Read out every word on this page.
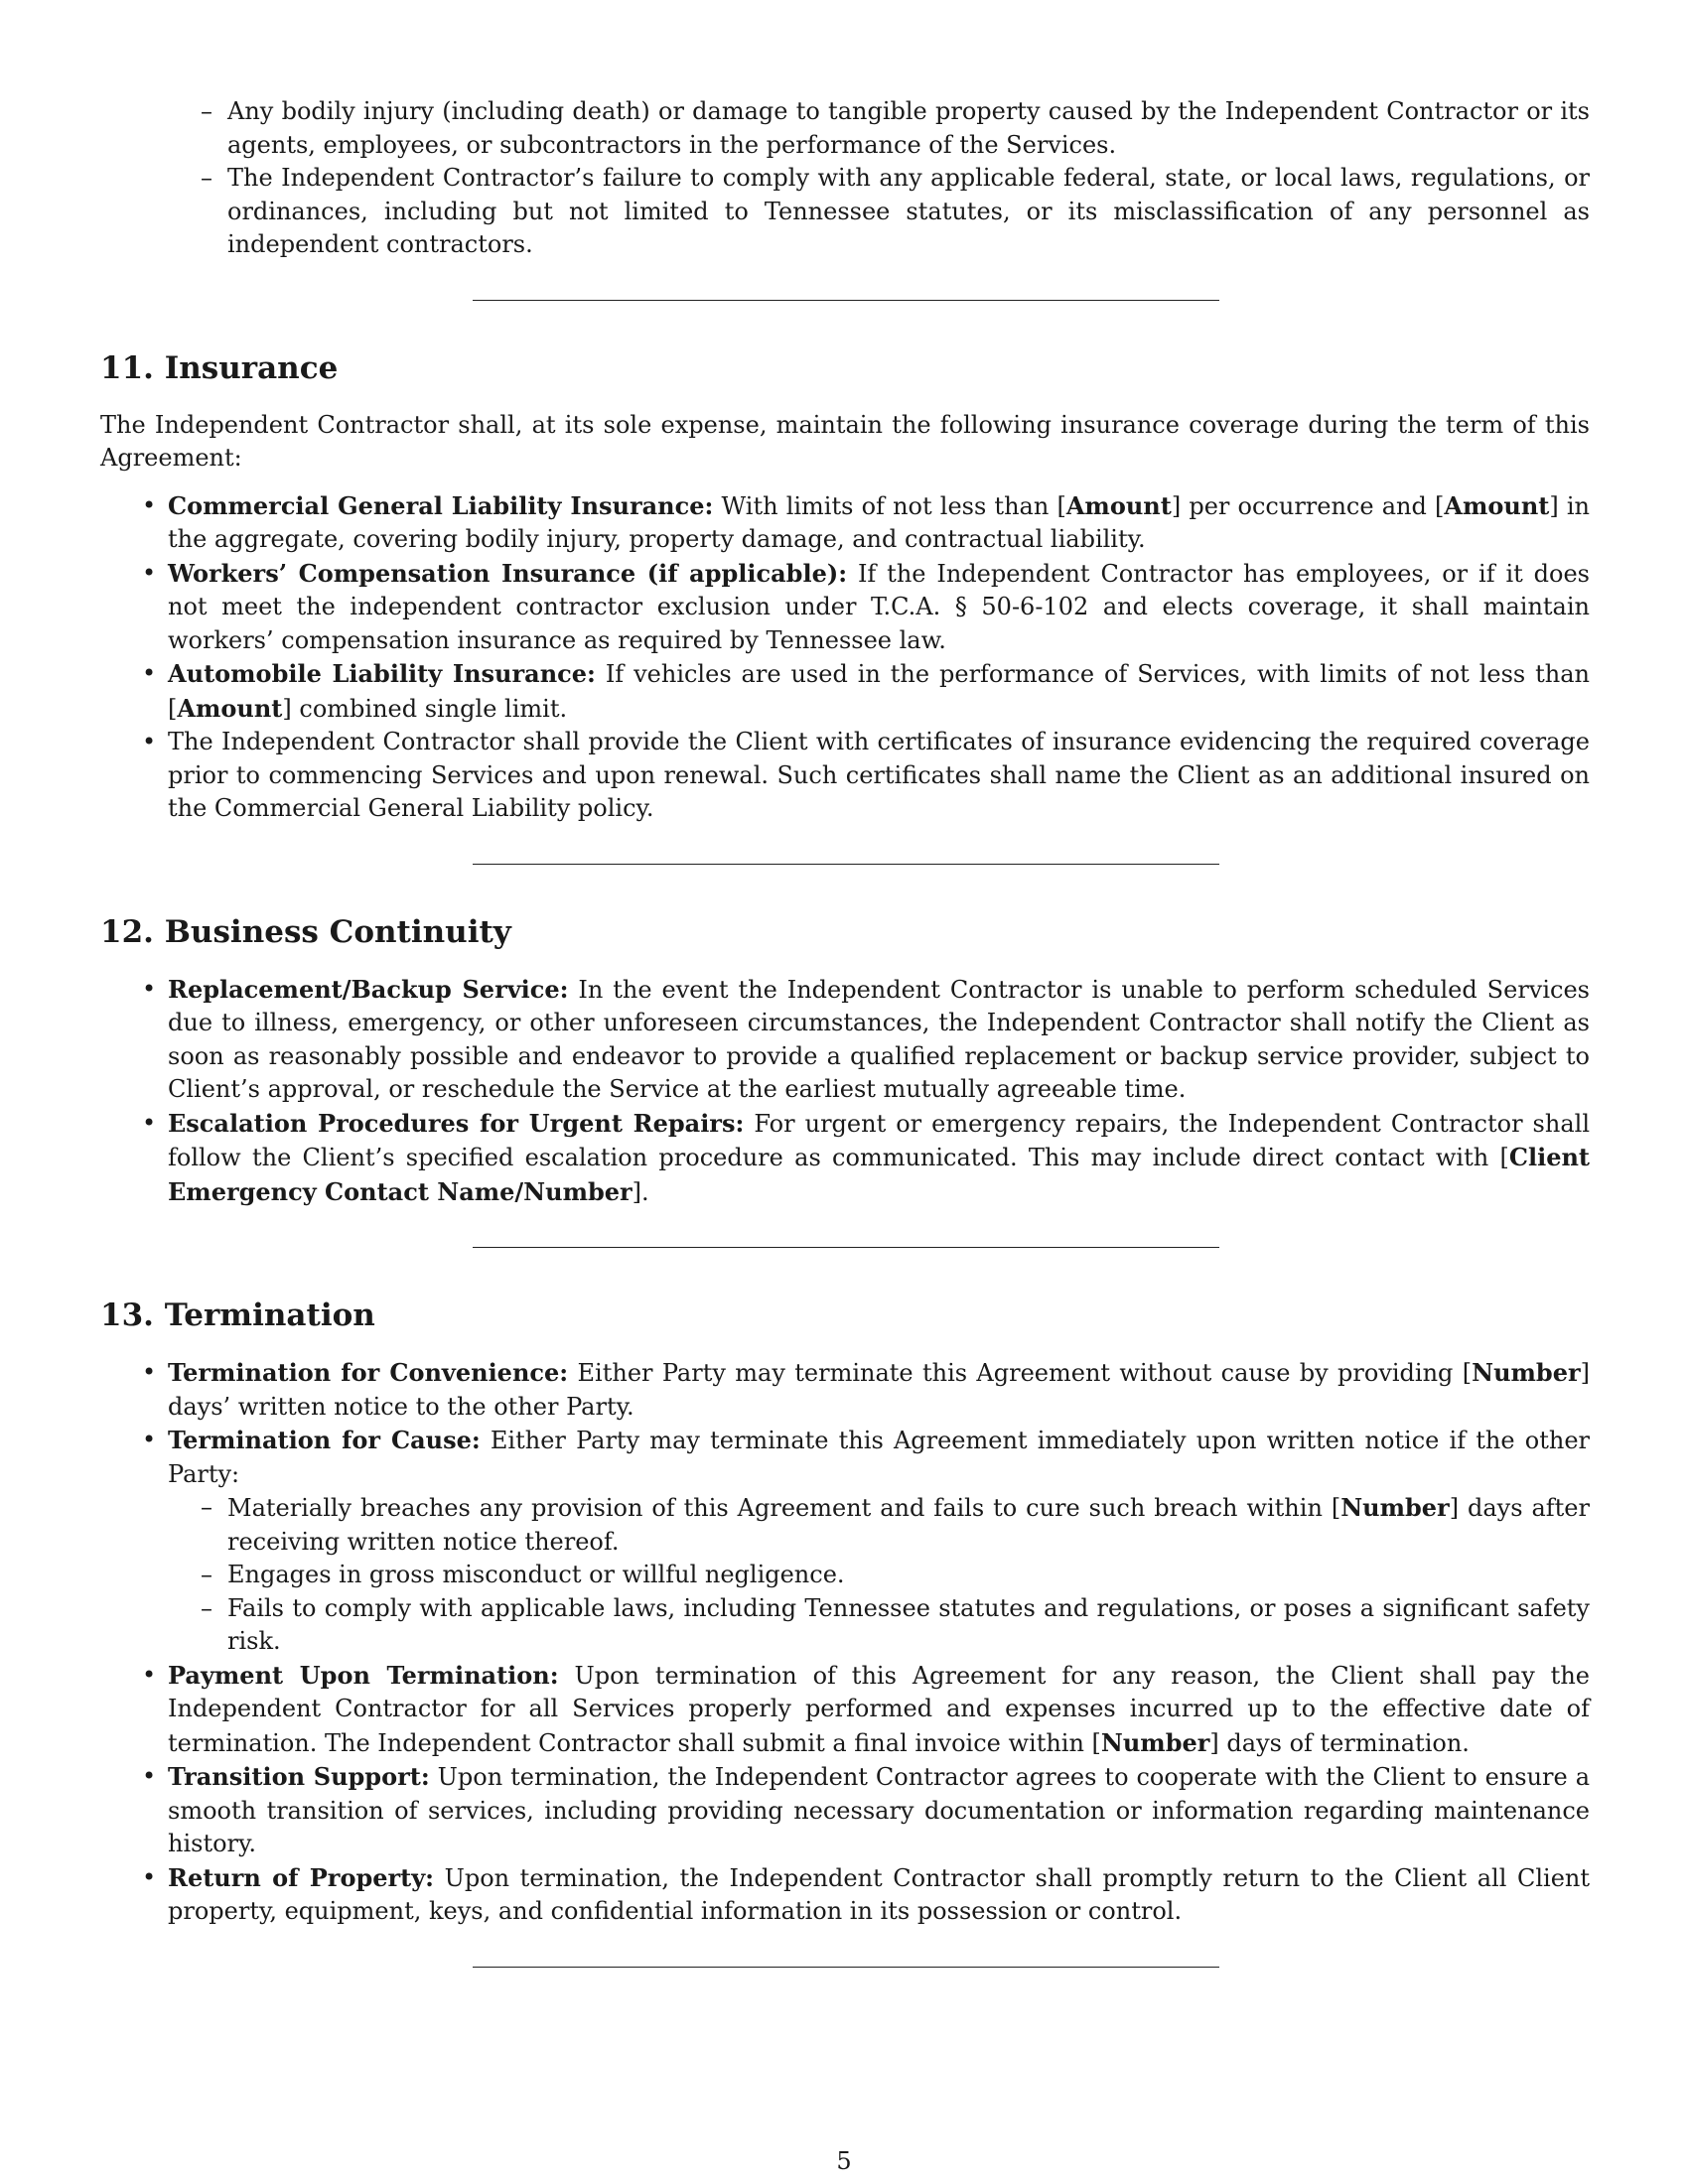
– Any bodily injury (including death) or damage to tangible property caused by the Independent Contractor or its agents, employees, or subcontractors in the performance of the Services.
– The Independent Contractor’s failure to comply with any applicable federal, state, or local laws, regulations, or ordinances, including but not limited to Tennessee statutes, or its misclassification of any personnel as independent contractors.
11. Insurance

The Independent Contractor shall, at its sole expense, maintain the following insurance coverage during the term of this Agreement:

• Commercial General Liability Insurance: With limits of not less than [Amount] per occurrence and [Amount] in the aggregate, covering bodily injury, property damage, and contractual liability.
• Workers’ Compensation Insurance (if applicable): If the Independent Contractor has employees, or if it does not meet the independent contractor exclusion under T.C.A. § 50-6-102 and elects coverage, it shall maintain workers’ compensation insurance as required by Tennessee law.
• Automobile Liability Insurance: If vehicles are used in the performance of Services, with limits of not less than [Amount] combined single limit.
• The Independent Contractor shall provide the Client with certificates of insurance evidencing the required coverage prior to commencing Services and upon renewal. Such certificates shall name the Client as an additional insured on the Commercial General Liability policy.
12. Business Continuity
• Replacement/Backup Service: In the event the Independent Contractor is unable to perform scheduled Services due to illness, emergency, or other unforeseen circumstances, the Independent Contractor shall notify the Client as soon as reasonably possible and endeavor to provide a qualified replacement or backup service provider, subject to Client’s approval, or reschedule the Service at the earliest mutually agreeable time.
• Escalation Procedures for Urgent Repairs: For urgent or emergency repairs, the Independent Contractor shall follow the Client’s specified escalation procedure as communicated. This may include direct contact with [Client Emergency Contact Name/Number].
13. Termination
• Termination for Convenience: Either Party may terminate this Agreement without cause by providing [Number] days’ written notice to the other Party.
• Termination for Cause: Either Party may terminate this Agreement immediately upon written notice if the other Party:
– Materially breaches any provision of this Agreement and fails to cure such breach within [Number] days after receiving written notice thereof.
– Engages in gross misconduct or willful negligence.
– Fails to comply with applicable laws, including Tennessee statutes and regulations, or poses a significant safety risk.
• Payment Upon Termination: Upon termination of this Agreement for any reason, the Client shall pay the Independent Contractor for all Services properly performed and expenses incurred up to the effective date of termination. The Independent Contractor shall submit a final invoice within [Number] days of termination.
• Transition Support: Upon termination, the Independent Contractor agrees to cooperate with the Client to ensure a smooth transition of services, including providing necessary documentation or information regarding maintenance history.
• Return of Property: Upon termination, the Independent Contractor shall promptly return to the Client all Client property, equipment, keys, and confidential information in its possession or control.
5
